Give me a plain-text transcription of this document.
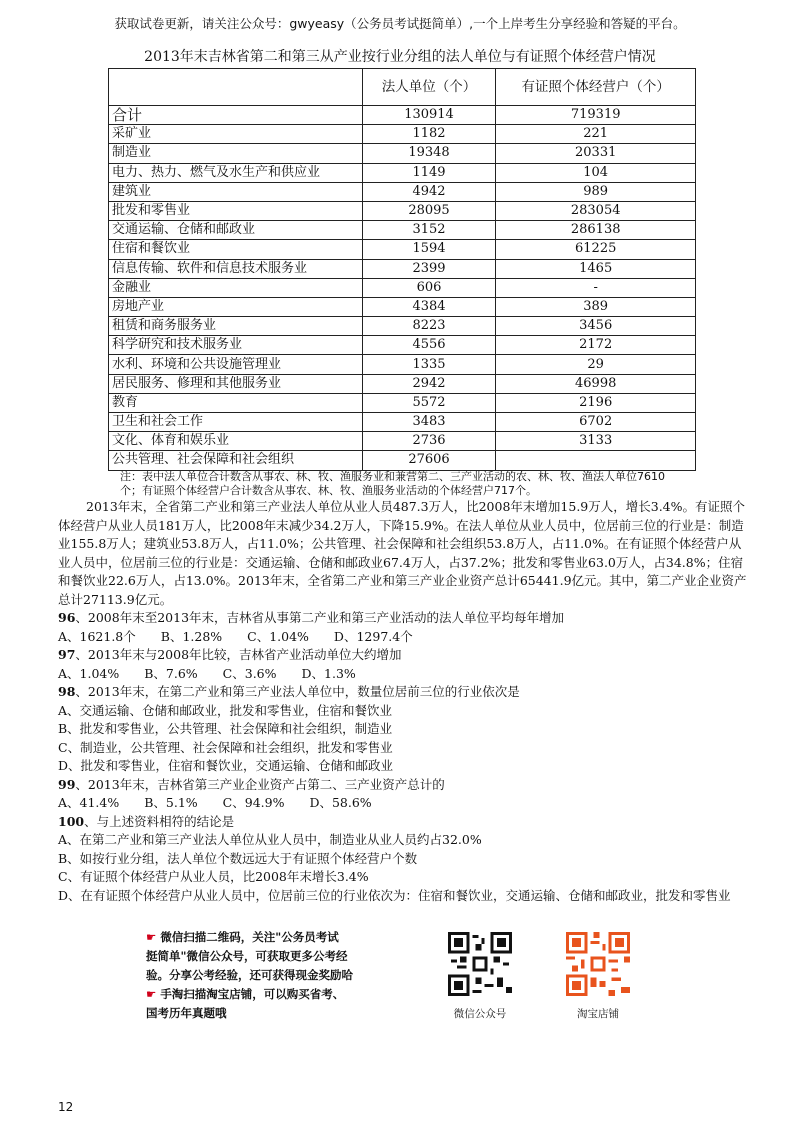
获取试卷更新，请关注公众号：gwyeasy（公务员考试挺简单）,一个上岸考生分享经验和答疑的平台。
2013年末吉林省第二和第三从产业按行业分组的法人单位与有证照个体经营户情况
	法人单位（个）	有证照个体经营户（个）
合计	130914	719319
采矿业	1182	221
制造业	19348	20331
电力、热力、燃气及水生产和供应业	1149	104
建筑业	4942	989
批发和零售业	28095	283054
交通运输、仓储和邮政业	3152	286138
住宿和餐饮业	1594	61225
信息传输、软件和信息技术服务业	2399	1465
金融业	606	-
房地产业	4384	389
租赁和商务服务业	8223	3456
科学研究和技术服务业	4556	2172
水利、环境和公共设施管理业	1335	29
居民服务、修理和其他服务业	2942	46998
教育	5572	2196
卫生和社会工作	3483	6702
文化、体育和娱乐业	2736	3133
公共管理、社会保障和社会组织	27606	
注：表中法人单位合计数含从事农、林、牧、渔服务业和兼营第二、三产业活动的农、林、牧、渔法人单位7610个；有证照个体经营户合计数含从事农、林、牧、渔服务业活动的个体经营户717个。

2013年末，全省第二产业和第三产业法人单位从业人员487.3万人，比2008年末增加15.9万人，增长3.4%。有证照个体经营户从业人员181万人，比2008年末减少34.2万人，下降15.9%。在法人单位从业人员中，位居前三位的行业是：制造业155.8万人；建筑业53.8万人，占11.0%；公共管理、社会保障和社会组织53.8万人，占11.0%。在有证照个体经营户从业人员中，位居前三位的行业是：交通运输、仓储和邮政业67.4万人，占37.2%；批发和零售业63.0万人，占34.8%；住宿和餐饮业22.6万人，占13.0%。2013年末，全省第二产业和第三产业企业资产总计65441.9亿元。其中，第二产业企业资产总计27113.9亿元。

96、2008年末至2013年末，吉林省从事第二产业和第三产业活动的法人单位平均每年增加

A、1621.8个　　B、1.28%　　C、1.04%　　D、1297.4个

97、2013年末与2008年比较，吉林省产业活动单位大约增加

A、1.04%　　B、7.6%　　C、3.6%　　D、1.3%

98、2013年末，在第二产业和第三产业法人单位中，数量位居前三位的行业依次是

A、交通运输、仓储和邮政业，批发和零售业，住宿和餐饮业

B、批发和零售业，公共管理、社会保障和社会组织，制造业

C、制造业，公共管理、社会保障和社会组织，批发和零售业

D、批发和零售业，住宿和餐饮业，交通运输、仓储和邮政业

99、2013年末，吉林省第三产业企业资产占第二、三产业资产总计的

A、41.4%　　B、5.1%　　C、94.9%　　D、58.6%

100、与上述资料相符的结论是

A、在第二产业和第三产业法人单位从业人员中，制造业从业人员约占32.0%

B、如按行业分组，法人单位个数远远大于有证照个体经营户个数

C、有证照个体经营户从业人员，比2008年末增长3.4%

D、在有证照个体经营户从业人员中，位居前三位的行业依次为：住宿和餐饮业，交通运输、仓储和邮政业，批发和零售业

☛ 微信扫描二维码，关注"公务员考试
挺简单"微信公众号，可获取更多公考经
验。分享公考经验，还可获得现金奖励哈
☛ 手淘扫描淘宝店铺，可以购买省考、
国考历年真题哦	微信公众号	淘宝店铺
12
